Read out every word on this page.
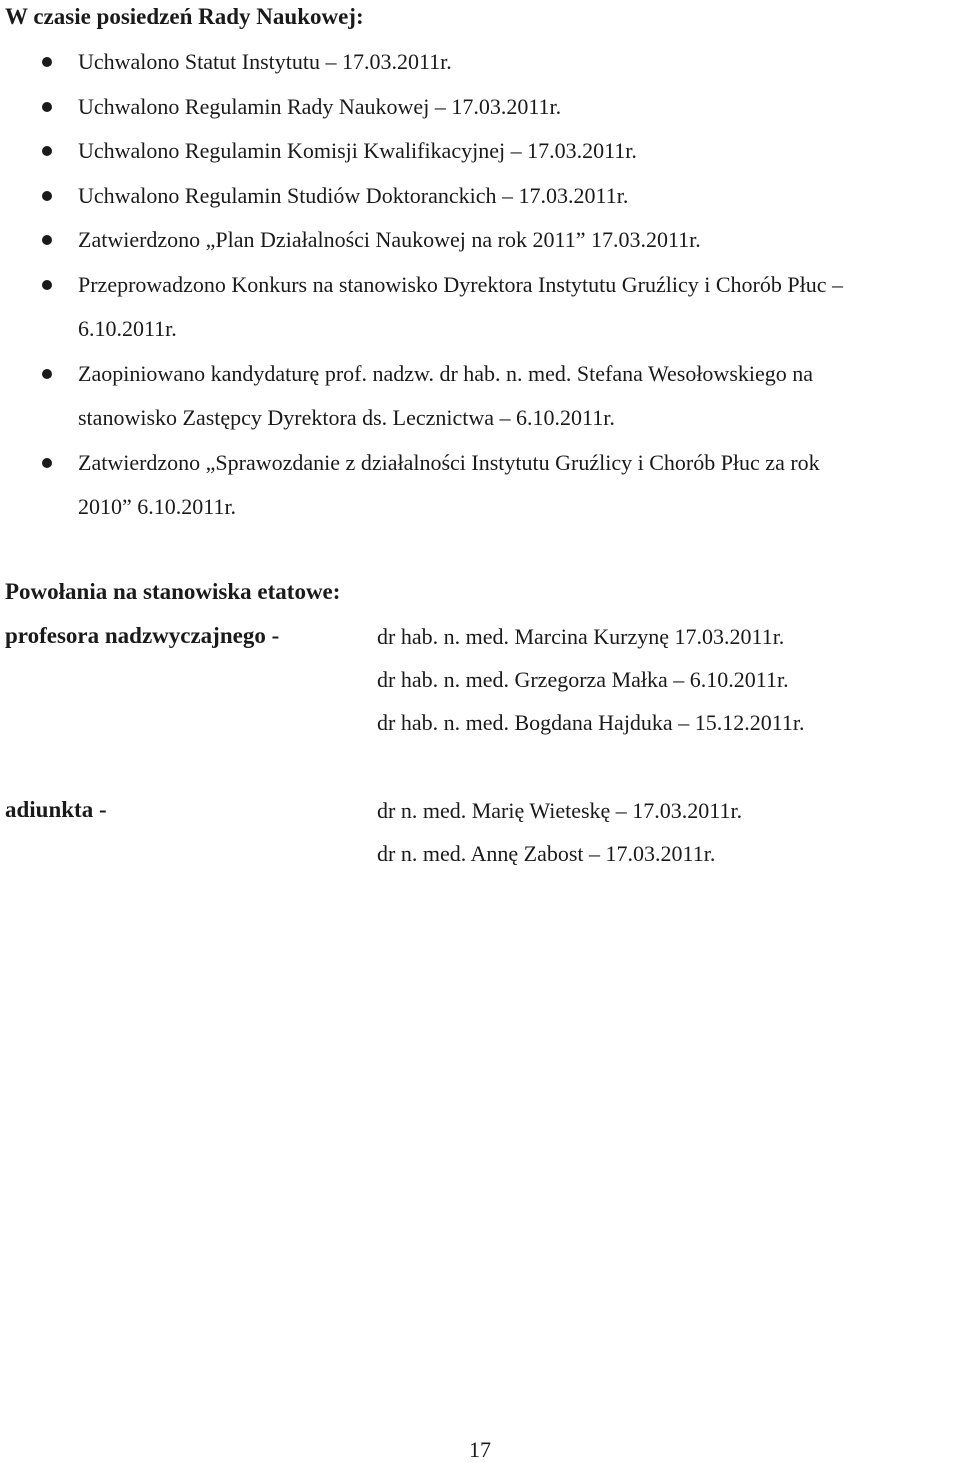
W czasie posiedzeń Rady Naukowej:
Uchwalono Statut Instytutu – 17.03.2011r.
Uchwalono Regulamin Rady Naukowej – 17.03.2011r.
Uchwalono Regulamin Komisji Kwalifikacyjnej – 17.03.2011r.
Uchwalono Regulamin Studiów Doktoranckich – 17.03.2011r.
Zatwierdzono „Plan Działalności Naukowej na rok 2011” 17.03.2011r.
Przeprowadzono Konkurs na stanowisko Dyrektora Instytutu Gruźlicy i Chorób Płuc –
6.10.2011r.
Zaopiniowano kandydaturę prof. nadzw. dr hab. n. med. Stefana Wesołowskiego na
stanowisko Zastępcy Dyrektora ds. Lecznictwa – 6.10.2011r.
Zatwierdzono „Sprawozdanie z działalności Instytutu Gruźlicy i Chorób Płuc za rok
2010” 6.10.2011r.
Powołania na stanowiska etatowe:
profesora nadzwyczajnego -	dr hab. n. med. Marcina Kurzynę 17.03.2011r.
dr hab. n. med. Grzegorza Małka – 6.10.2011r.
dr hab. n. med. Bogdana Hajduka – 15.12.2011r.
adiunkta -	dr n. med. Marię Wieteskę – 17.03.2011r.
dr n. med. Annę Zabost – 17.03.2011r.
17
